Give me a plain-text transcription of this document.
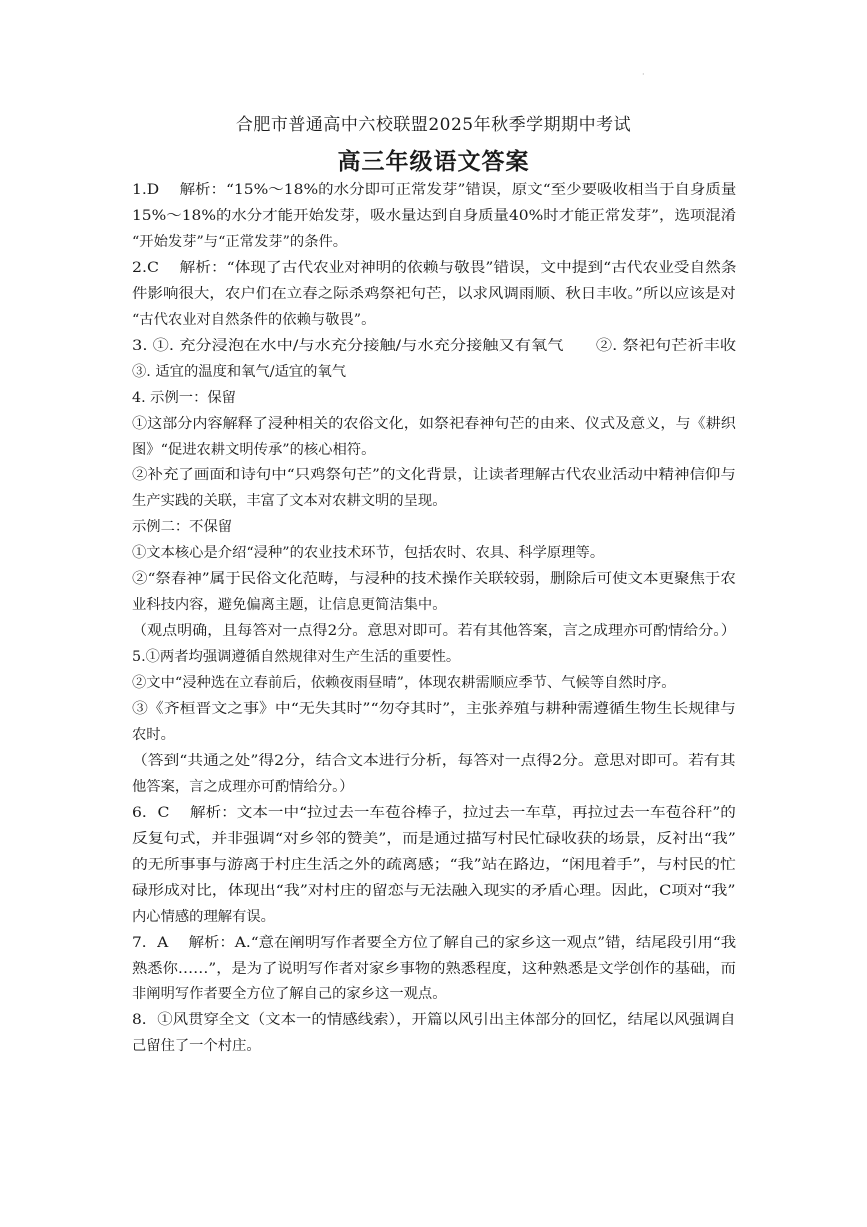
·
合肥市普通高中六校联盟2025年秋季学期期中考试
高三年级语文答案
1.D　 解析：“15%～18%的水分即可正常发芽”错误，原文“至少要吸收相当于自身质量
15%～18%的水分才能开始发芽，吸水量达到自身质量40%时才能正常发芽”，选项混淆
“开始发芽”与“正常发芽”的条件。
2.C　 解析：“体现了古代农业对神明的依赖与敬畏”错误，文中提到“古代农业受自然条
件影响很大，农户们在立春之际杀鸡祭祀句芒，以求风调雨顺、秋日丰收。”所以应该是对
“古代农业对自然条件的依赖与敬畏”。
3. ①. 充分浸泡在水中/与水充分接触/与水充分接触又有氧气　　②. 祭祀句芒祈丰收
③. 适宜的温度和氧气/适宜的氧气
4. 示例一：保留
①这部分内容解释了浸种相关的农俗文化，如祭祀春神句芒的由来、仪式及意义，与《耕织
图》“促进农耕文明传承”的核心相符。
②补充了画面和诗句中“只鸡祭句芒”的文化背景，让读者理解古代农业活动中精神信仰与
生产实践的关联，丰富了文本对农耕文明的呈现。
示例二：不保留
①文本核心是介绍“浸种”的农业技术环节，包括农时、农具、科学原理等。
②“祭春神”属于民俗文化范畴，与浸种的技术操作关联较弱，删除后可使文本更聚焦于农
业科技内容，避免偏离主题，让信息更简洁集中。
（观点明确，且每答对一点得2分。意思对即可。若有其他答案，言之成理亦可酌情给分。）
5.①两者均强调遵循自然规律对生产生活的重要性。
②文中“浸种选在立春前后，依赖夜雨昼晴”，体现农耕需顺应季节、气候等自然时序。
③《齐桓晋文之事》中“无失其时”“勿夺其时”，主张养殖与耕种需遵循生物生长规律与
农时。
（答到“共通之处”得2分，结合文本进行分析，每答对一点得2分。意思对即可。若有其
他答案，言之成理亦可酌情给分。）
6．C　 解析：文本一中“拉过去一车苞谷棒子，拉过去一车草，再拉过去一车苞谷秆”的
反复句式，并非强调“对乡邻的赞美”，而是通过描写村民忙碌收获的场景，反衬出“我”
的无所事事与游离于村庄生活之外的疏离感；“我”站在路边，“闲甩着手”，与村民的忙
碌形成对比，体现出“我”对村庄的留恋与无法融入现实的矛盾心理。因此，C项对“我”
内心情感的理解有误。
7．A　 解析：A.“意在阐明写作者要全方位了解自己的家乡这一观点”错，结尾段引用“我
熟悉你……”，是为了说明写作者对家乡事物的熟悉程度，这种熟悉是文学创作的基础，而
非阐明写作者要全方位了解自己的家乡这一观点。
8．①风贯穿全文（文本一的情感线索），开篇以风引出主体部分的回忆，结尾以风强调自
己留住了一个村庄。
